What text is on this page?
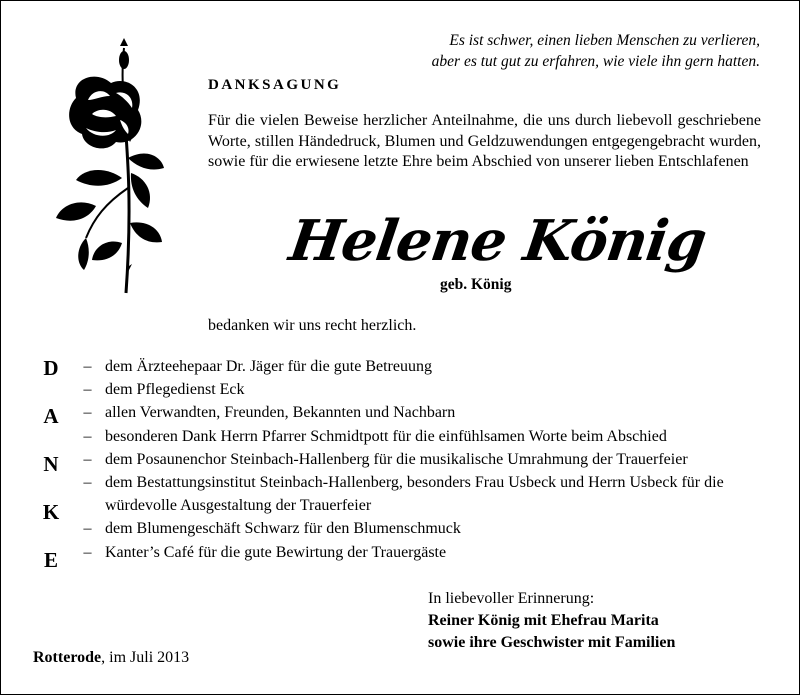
Es ist schwer, einen lieben Menschen zu verlieren,
aber es tut gut zu erfahren, wie viele ihn gern hatten.
DANKSAGUNG
Für die vielen Beweise herzlicher Anteilnahme, die uns durch liebevoll geschriebene Worte, stillen Händedruck, Blumen und Geldzuwendungen entgegengebracht wurden, sowie für die erwiesene letzte Ehre beim Abschied von unserer lieben Entschlafenen
Helene König
geb. König
bedanken wir uns recht herzlich.
D
A
N
K
E
– dem Ärzteehepaar Dr. Jäger für die gute Betreuung
– dem Pflegedienst Eck
– allen Verwandten, Freunden, Bekannten und Nachbarn
– besonderen Dank Herrn Pfarrer Schmidtpott für die einfühlsamen Worte beim Abschied
– dem Posaunenchor Steinbach-Hallenberg für die musikalische Umrahmung der Trauerfeier
– dem Bestattungsinstitut Steinbach-Hallenberg, besonders Frau Usbeck und Herrn Usbeck für die würdevolle Ausgestaltung der Trauerfeier
– dem Blumengeschäft Schwarz für den Blumenschmuck
– Kanter’s Café für die gute Bewirtung der Trauergäste
In liebevoller Erinnerung:
Reiner König mit Ehefrau Marita
sowie ihre Geschwister mit Familien
Rotterode, im Juli 2013
